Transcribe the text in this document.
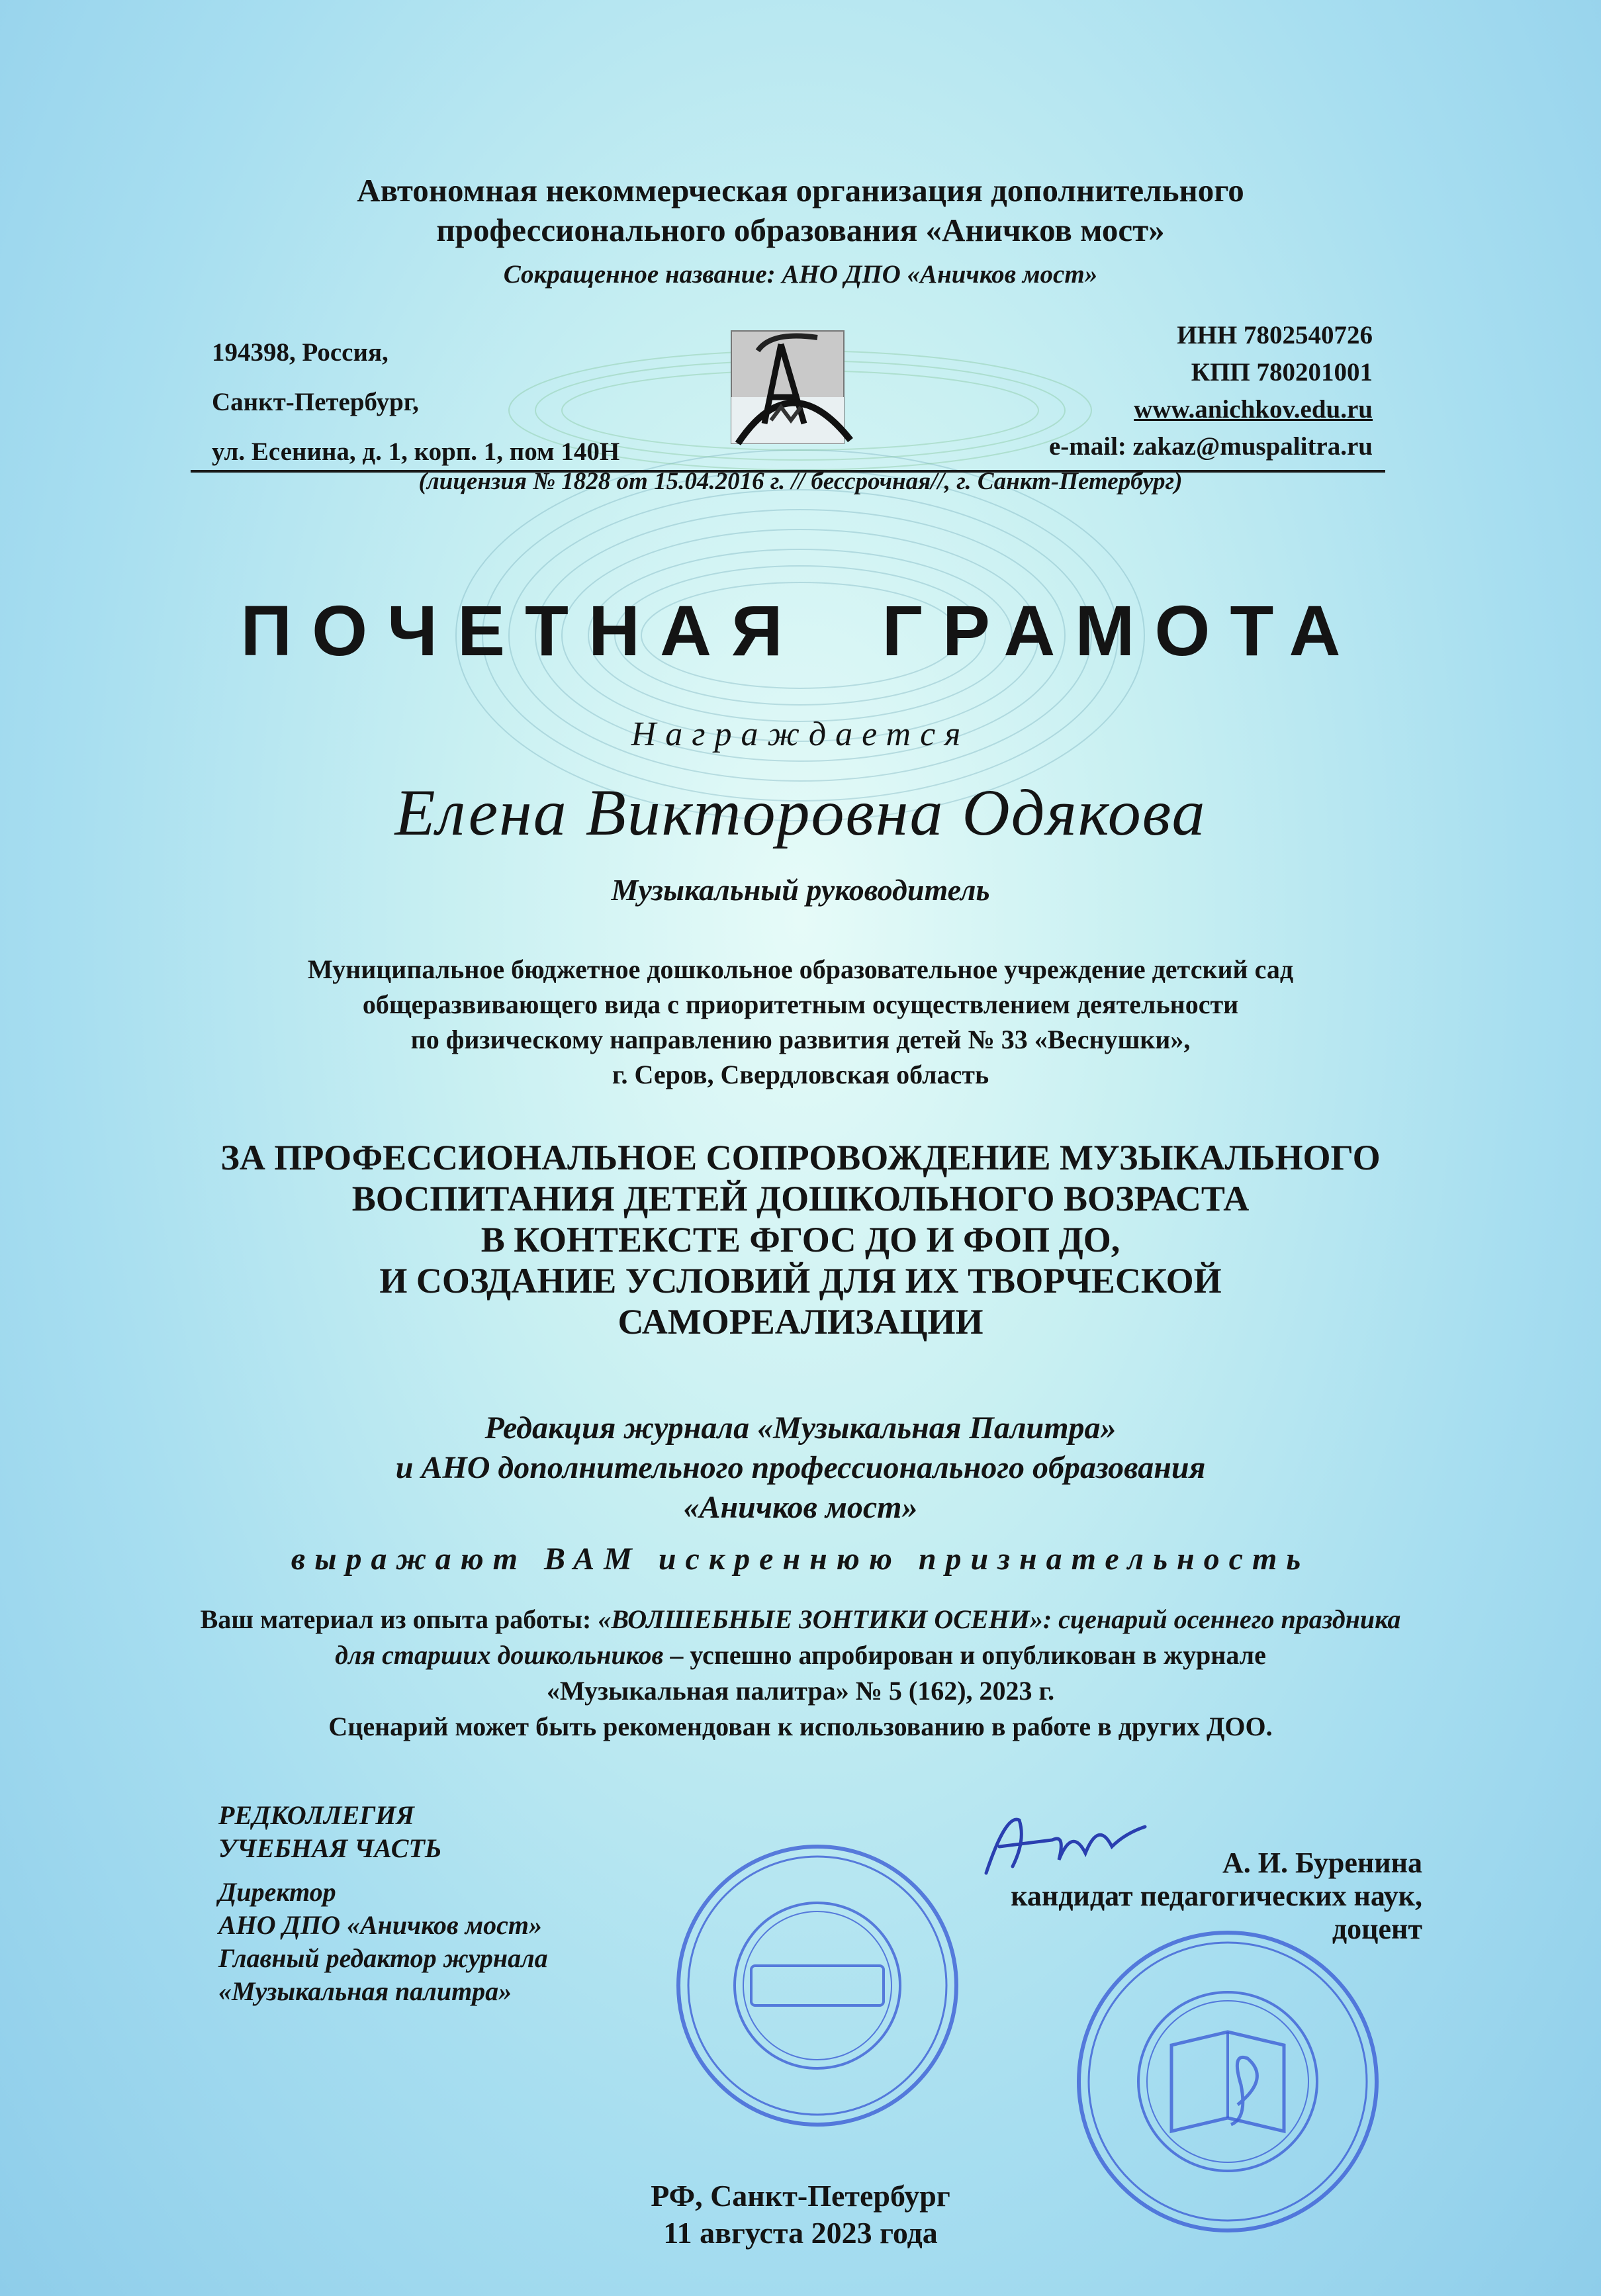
Автономная некоммерческая организация дополнительного
профессионального образования «Аничков мост»
Сокращенное название: АНО ДПО «Аничков мост»
194398, Россия,
Санкт-Петербург,
ул. Есенина, д. 1, корп. 1, пом 140Н
ИНН 7802540726
КПП 780201001
www.anichkov.edu.ru
e-mail: zakaz@muspalitra.ru
(лицензия № 1828 от 15.04.2016 г. // бессрочная//, г. Санкт-Петербург)
ПОЧЕТНАЯ  ГРАМОТА
Награждается
Елена Викторовна Одякова
Музыкальный руководитель
Муниципальное бюджетное дошкольное образовательное учреждение детский сад
общеразвивающего вида с приоритетным осуществлением деятельности
по физическому направлению развития детей № 33 «Веснушки»,
г. Серов, Свердловская область
ЗА ПРОФЕССИОНАЛЬНОЕ СОПРОВОЖДЕНИЕ МУЗЫКАЛЬНОГО
ВОСПИТАНИЯ ДЕТЕЙ ДОШКОЛЬНОГО ВОЗРАСТА
В КОНТЕКСТЕ ФГОС ДО И ФОП ДО,
И СОЗДАНИЕ УСЛОВИЙ ДЛЯ ИХ ТВОРЧЕСКОЙ
САМОРЕАЛИЗАЦИИ
Редакция журнала «Музыкальная Палитра»
и АНО дополнительного профессионального образования
«Аничков мост»
выражают ВАМ искреннюю признательность
Ваш материал из опыта работы: «ВОЛШЕБНЫЕ ЗОНТИКИ ОСЕНИ»: сценарий осеннего праздника
для старших дошкольников – успешно апробирован и опубликован в журнале
«Музыкальная палитра» № 5 (162), 2023 г.
Сценарий может быть рекомендован к использованию в работе в других ДОО.
РЕДКОЛЛЕГИЯ
УЧЕБНАЯ ЧАСТЬ
Директор
АНО ДПО «Аничков мост»
Главный редактор журнала
«Музыкальная палитра»
А. И. Буренина
кандидат педагогических наук,
доцент
РФ, Санкт-Петербург
11 августа 2023 года
